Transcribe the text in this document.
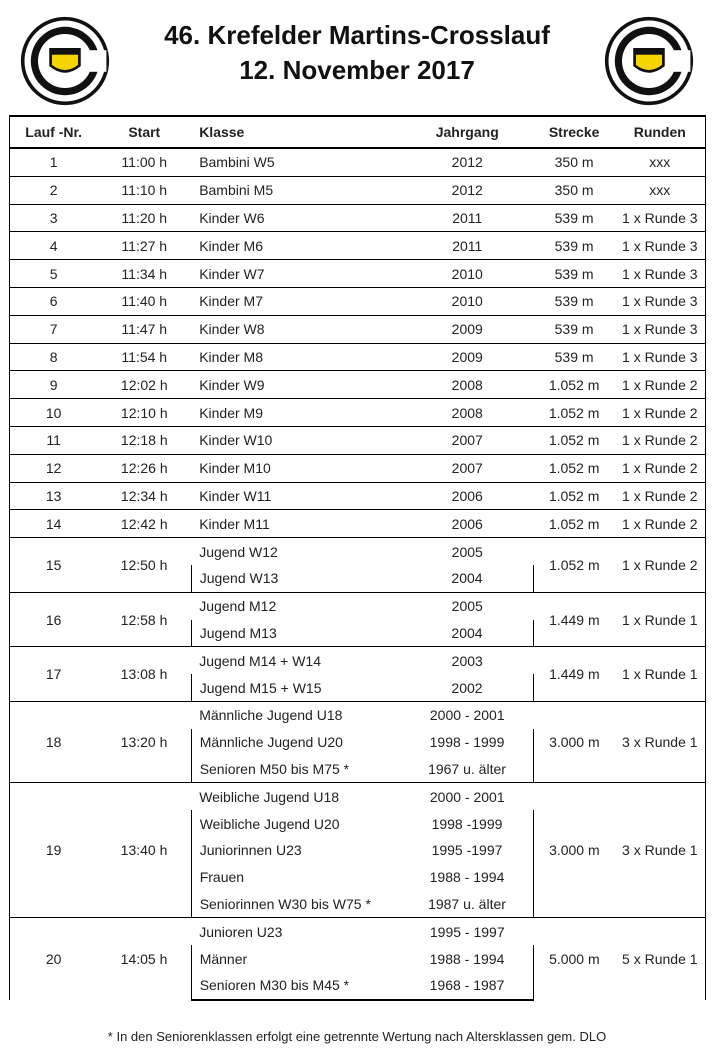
46. Krefelder Martins-Crosslauf
12. November 2017
Lauf -Nr.	Start	Klasse	Jahrgang	Strecke	Runden
1	11:00 h	Bambini W5	2012	350 m	xxx
2	11:10 h	Bambini M5	2012	350 m	xxx
3	11:20 h	Kinder W6	2011	539 m	1 x Runde 3
4	11:27 h	Kinder M6	2011	539 m	1 x Runde 3
5	11:34 h	Kinder W7	2010	539 m	1 x Runde 3
6	11:40 h	Kinder M7	2010	539 m	1 x Runde 3
7	11:47 h	Kinder W8	2009	539 m	1 x Runde 3
8	11:54 h	Kinder M8	2009	539 m	1 x Runde 3
9	12:02 h	Kinder W9	2008	1.052 m	1 x Runde 2
10	12:10 h	Kinder M9	2008	1.052 m	1 x Runde 2
11	12:18 h	Kinder W10	2007	1.052 m	1 x Runde 2
12	12:26 h	Kinder M10	2007	1.052 m	1 x Runde 2
13	12:34 h	Kinder W11	2006	1.052 m	1 x Runde 2
14	12:42 h	Kinder M11	2006	1.052 m	1 x Runde 2
15	12:50 h	Jugend W12	2005	1.052 m	1 x Runde 2
		Jugend W13	2004		
16	12:58 h	Jugend M12	2005	1.449 m	1 x Runde 1
		Jugend M13	2004		
17	13:08 h	Jugend M14 + W14	2003	1.449 m	1 x Runde 1
		Jugend M15 + W15	2002		
18	13:20 h	Männliche Jugend U18	2000 - 2001	3.000 m	3 x Runde 1
		Männliche Jugend U20	1998 - 1999		
		Senioren M50 bis M75 *	1967 u. älter		
19	13:40 h	Weibliche Jugend U18	2000 - 2001	3.000 m	3 x Runde 1
		Weibliche Jugend U20	1998 -1999		
		Juniorinnen U23	1995 -1997		
		Frauen	1988 - 1994		
		Seniorinnen W30 bis W75 *	1987 u. älter		
20	14:05 h	Junioren U23	1995 - 1997	5.000 m	5 x Runde 1
		Männer	1988 - 1994		
		Senioren M30 bis M45 *	1968 - 1987		
* In den Seniorenklassen erfolgt eine getrennte Wertung nach Altersklassen gem. DLO
